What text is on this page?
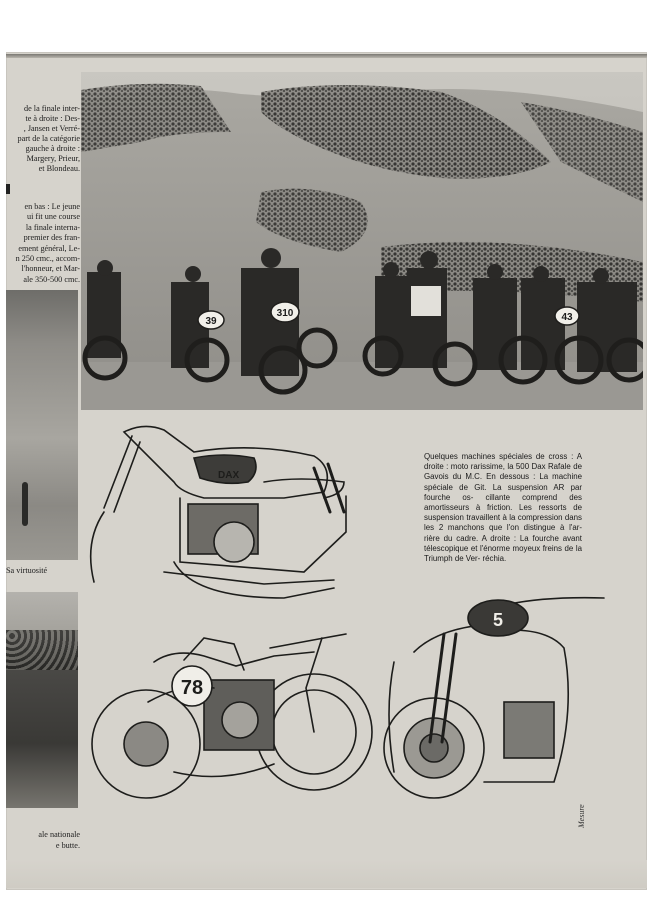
de la finale inter-
te à droite : Des-
, Jansen et Verré-
part de la catégorie
gauche à droite :
Margery, Prieur,
et Blondeau.
en bas : Le jeune
ui fit une course
la finale interna-
premier des fran-
ement général, Le-
n 250 cmc., accom-
l'honneur, et Mar-
ale 350-500 cmc.
Sa virtuosité
ale nationale
e butte.
39
310	43
DAX
78
5
Mesure
Quelques machines spéciales de cross : A droite : moto rarissime, la 500 Dax Rafale de Gavois du M.C. En dessous : La machine spéciale de Git. La suspension AR par fourche os- cillante comprend des amortisseurs à friction. Les ressorts de suspension travaillent à la compression dans les 2 manchons que l'on distingue à l'ar- rière du cadre. A droite : La fourche avant télescopique et l'énorme moyeux freins de la Triumph de Ver- réchia.
